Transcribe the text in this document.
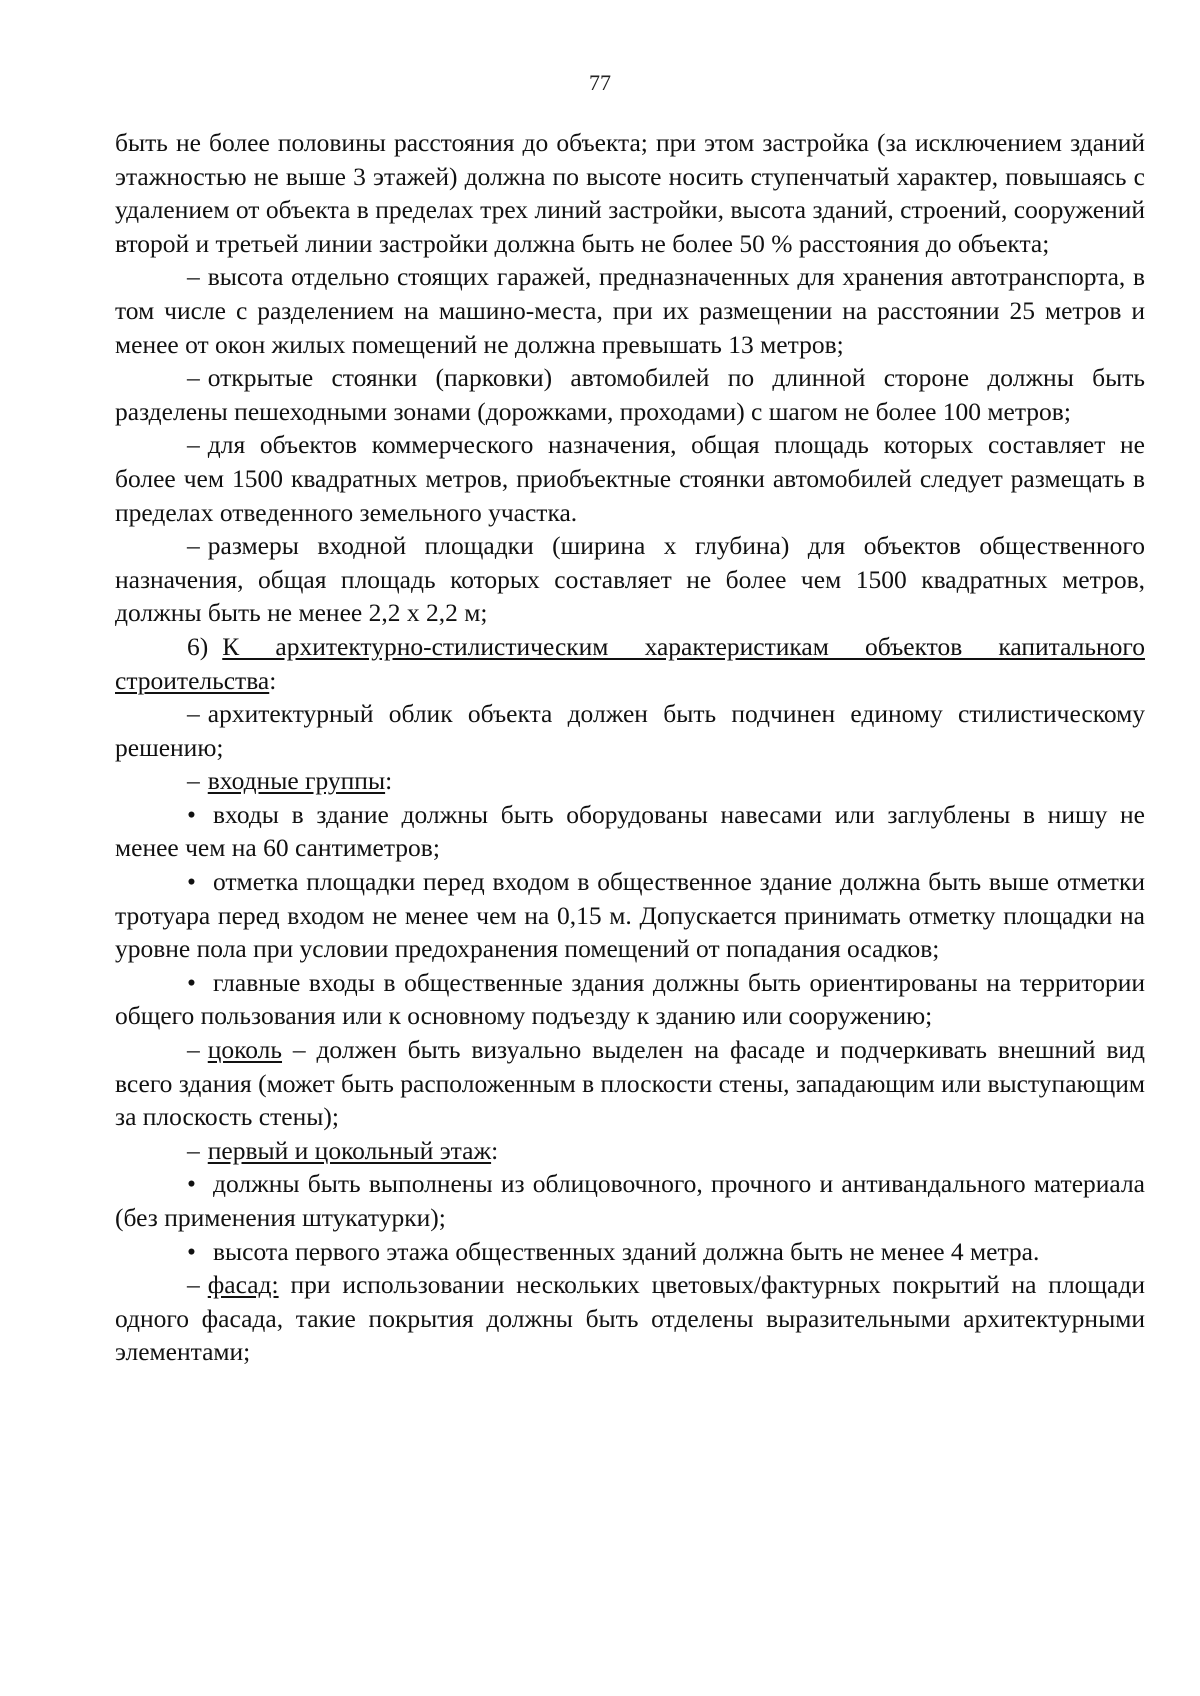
77

быть не более половины расстояния до объекта; при этом застройка (за исключением зданий этажностью не выше 3 этажей) должна по высоте носить ступенчатый характер, повышаясь с удалением от объекта в пределах трех линий застройки, высота зданий, строений, сооружений второй и третьей линии застройки должна быть не более 50 % расстояния до объекта;

– высота отдельно стоящих гаражей, предназначенных для хранения автотранспорта, в том числе с разделением на машино-места, при их размещении на расстоянии 25 метров и менее от окон жилых помещений не должна превышать 13 метров;

– открытые стоянки (парковки) автомобилей по длинной стороне должны быть разделены пешеходными зонами (дорожками, проходами) с шагом не более 100 метров;

– для объектов коммерческого назначения, общая площадь которых составляет не более чем 1500 квадратных метров, приобъектные стоянки автомобилей следует размещать в пределах отведенного земельного участка.

– размеры входной площадки (ширина х глубина) для объектов общественного назначения, общая площадь которых составляет не более чем 1500 квадратных метров, должны быть не менее 2,2 х 2,2 м;

6) К архитектурно-стилистическим характеристикам объектов капитального строительства:

– архитектурный облик объекта должен быть подчинен единому стилистическому решению;

– входные группы:

• входы в здание должны быть оборудованы навесами или заглублены в нишу не менее чем на 60 сантиметров;

• отметка площадки перед входом в общественное здание должна быть выше отметки тротуара перед входом не менее чем на 0,15 м. Допускается принимать отметку площадки на уровне пола при условии предохранения помещений от попадания осадков;

• главные входы в общественные здания должны быть ориентированы на территории общего пользования или к основному подъезду к зданию или сооружению;

– цоколь – должен быть визуально выделен на фасаде и подчеркивать внешний вид всего здания (может быть расположенным в плоскости стены, западающим или выступающим за плоскость стены);

– первый и цокольный этаж:

• должны быть выполнены из облицовочного, прочного и антивандального материала (без применения штукатурки);

• высота первого этажа общественных зданий должна быть не менее 4 метра.

– фасад: при использовании нескольких цветовых/фактурных покрытий на площади одного фасада, такие покрытия должны быть отделены выразительными архитектурными элементами;
